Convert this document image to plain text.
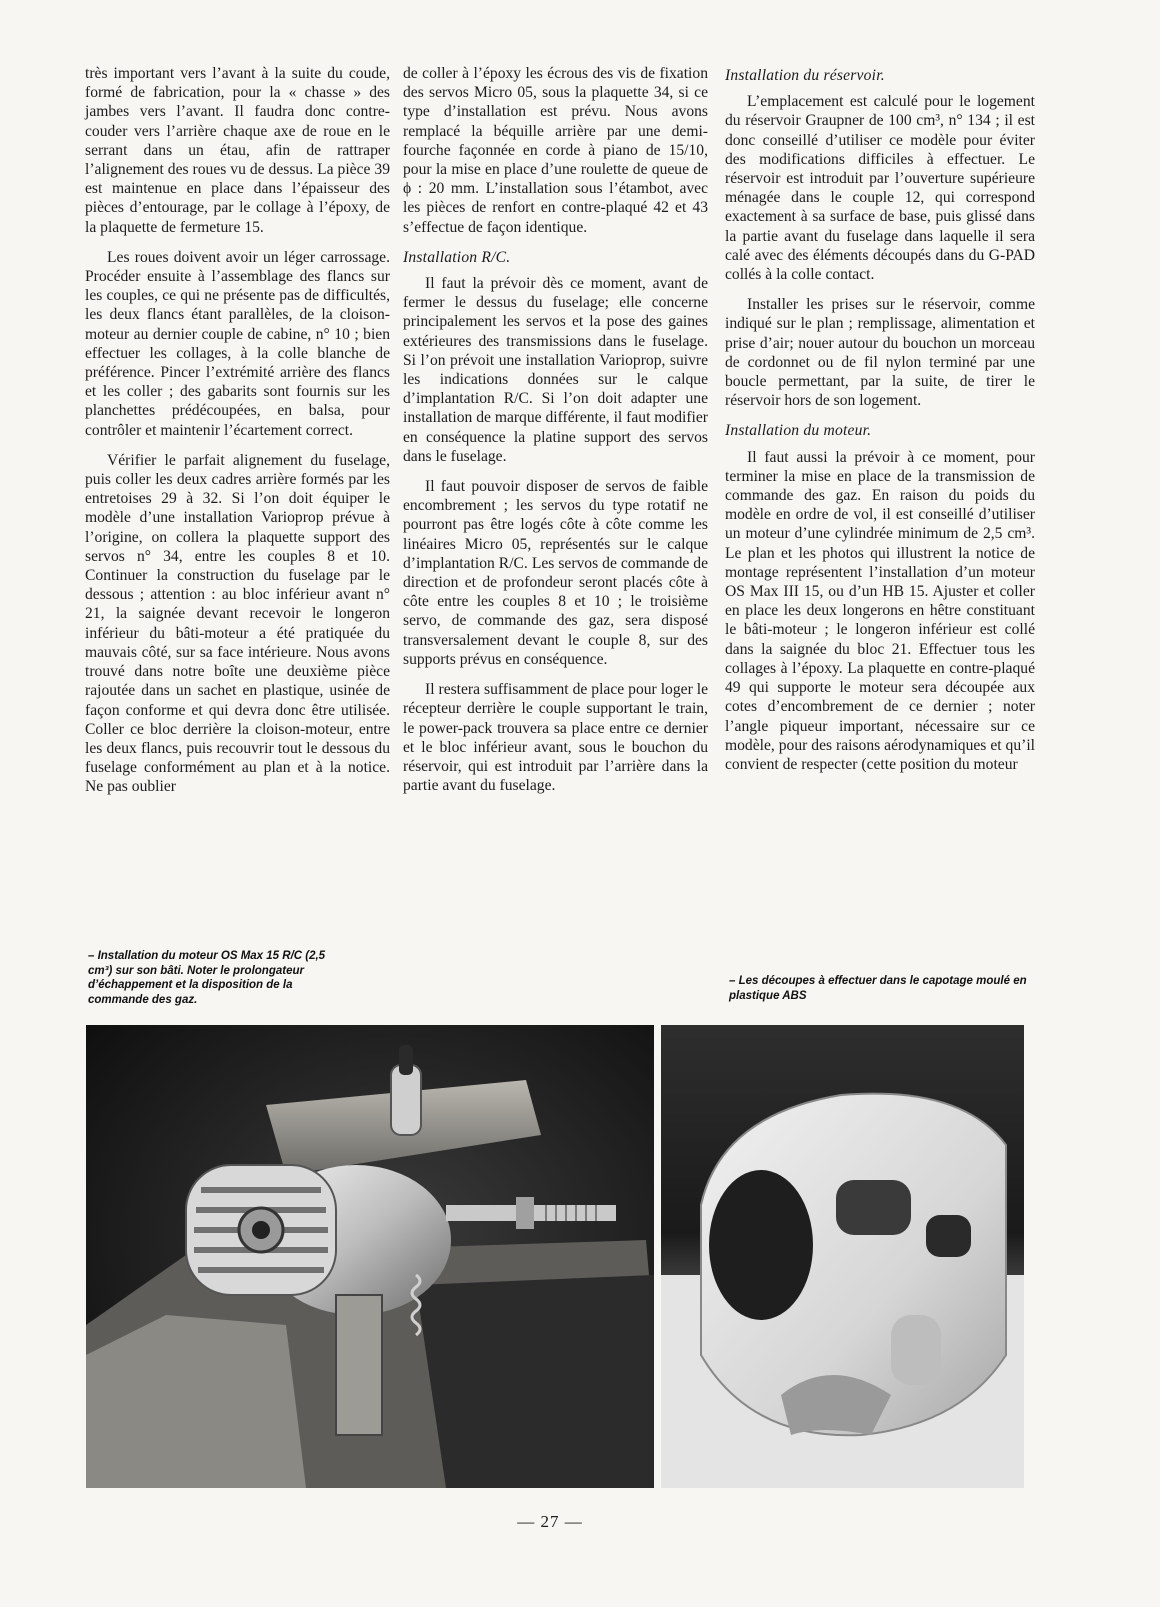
très important vers l’avant à la suite du coude, formé de fabrication, pour la « chasse » des jambes vers l’avant. Il faudra donc contre-couder vers l’arrière chaque axe de roue en le serrant dans un étau, afin de rattraper l’alignement des roues vu de dessus. La pièce 39 est maintenue en place dans l’épaisseur des pièces d’entourage, par le collage à l’époxy, de la plaquette de fermeture 15.

Les roues doivent avoir un léger carrossage. Procéder ensuite à l’assemblage des flancs sur les couples, ce qui ne présente pas de difficultés, les deux flancs étant parallèles, de la cloison-moteur au dernier couple de cabine, n° 10 ; bien effectuer les collages, à la colle blanche de préférence. Pincer l’extrémité arrière des flancs et les coller ; des gabarits sont fournis sur les planchettes prédécoupées, en balsa, pour contrôler et maintenir l’écartement correct.

Vérifier le parfait alignement du fuselage, puis coller les deux cadres arrière formés par les entretoises 29 à 32. Si l’on doit équiper le modèle d’une installation Varioprop prévue à l’origine, on collera la plaquette support des servos n° 34, entre les couples 8 et 10. Continuer la construction du fuselage par le dessous ; attention : au bloc inférieur avant n° 21, la saignée devant recevoir le longeron inférieur du bâti-moteur a été pratiquée du mauvais côté, sur sa face intérieure. Nous avons trouvé dans notre boîte une deuxième pièce rajoutée dans un sachet en plastique, usinée de façon conforme et qui devra donc être utilisée. Coller ce bloc derrière la cloison-moteur, entre les deux flancs, puis recouvrir tout le dessous du fuselage conformément au plan et à la notice. Ne pas oublier

de coller à l’époxy les écrous des vis de fixation des servos Micro 05, sous la plaquette 34, si ce type d’installation est prévu. Nous avons remplacé la béquille arrière par une demi-fourche façonnée en corde à piano de 15/10, pour la mise en place d’une roulette de queue de ϕ : 20 mm. L’installation sous l’étambot, avec les pièces de renfort en contre-plaqué 42 et 43 s’effectue de façon identique.

Installation R/C.

Il faut la prévoir dès ce moment, avant de fermer le dessus du fuselage; elle concerne principalement les servos et la pose des gaines extérieures des transmissions dans le fuselage. Si l’on prévoit une installation Varioprop, suivre les indications données sur le calque d’implantation R/C. Si l’on doit adapter une installation de marque différente, il faut modifier en conséquence la platine support des servos dans le fuselage.

Il faut pouvoir disposer de servos de faible encombrement ; les servos du type rotatif ne pourront pas être logés côte à côte comme les linéaires Micro 05, représentés sur le calque d’implantation R/C. Les servos de commande de direction et de profondeur seront placés côte à côte entre les couples 8 et 10 ; le troisième servo, de commande des gaz, sera disposé transversalement devant le couple 8, sur des supports prévus en conséquence.

Il restera suffisamment de place pour loger le récepteur derrière le couple supportant le train, le power-pack trouvera sa place entre ce dernier et le bloc inférieur avant, sous le bouchon du réservoir, qui est introduit par l’arrière dans la partie avant du fuselage.

Installation du réservoir.

L’emplacement est calculé pour le logement du réservoir Graupner de 100 cm³, n° 134 ; il est donc conseillé d’utiliser ce modèle pour éviter des modifications difficiles à effectuer. Le réservoir est introduit par l’ouverture supérieure ménagée dans le couple 12, qui correspond exactement à sa surface de base, puis glissé dans la partie avant du fuselage dans laquelle il sera calé avec des éléments découpés dans du G-PAD collés à la colle contact.

Installer les prises sur le réservoir, comme indiqué sur le plan ; remplissage, alimentation et prise d’air; nouer autour du bouchon un morceau de cordonnet ou de fil nylon terminé par une boucle permettant, par la suite, de tirer le réservoir hors de son logement.

Installation du moteur.

Il faut aussi la prévoir à ce moment, pour terminer la mise en place de la transmission de commande des gaz. En raison du poids du modèle en ordre de vol, il est conseillé d’utiliser un moteur d’une cylindrée minimum de 2,5 cm³. Le plan et les photos qui illustrent la notice de montage représentent l’installation d’un moteur OS Max III 15, ou d’un HB 15. Ajuster et coller en place les deux longerons en hêtre constituant le bâti-moteur ; le longeron inférieur est collé dans la saignée du bloc 21. Effectuer tous les collages à l’époxy. La plaquette en contre-plaqué 49 qui supporte le moteur sera découpée aux cotes d’encombrement de ce dernier ; noter l’angle piqueur important, nécessaire sur ce modèle, pour des raisons aérodynamiques et qu’il convient de respecter (cette position du moteur

– Installation du moteur OS Max 15 R/C (2,5 cm³) sur son bâti. Noter le prolongateur d’échappement et la disposition de la commande des gaz.
– Les découpes à effectuer dans le capotage moulé en plastique ABS
— 27 —
